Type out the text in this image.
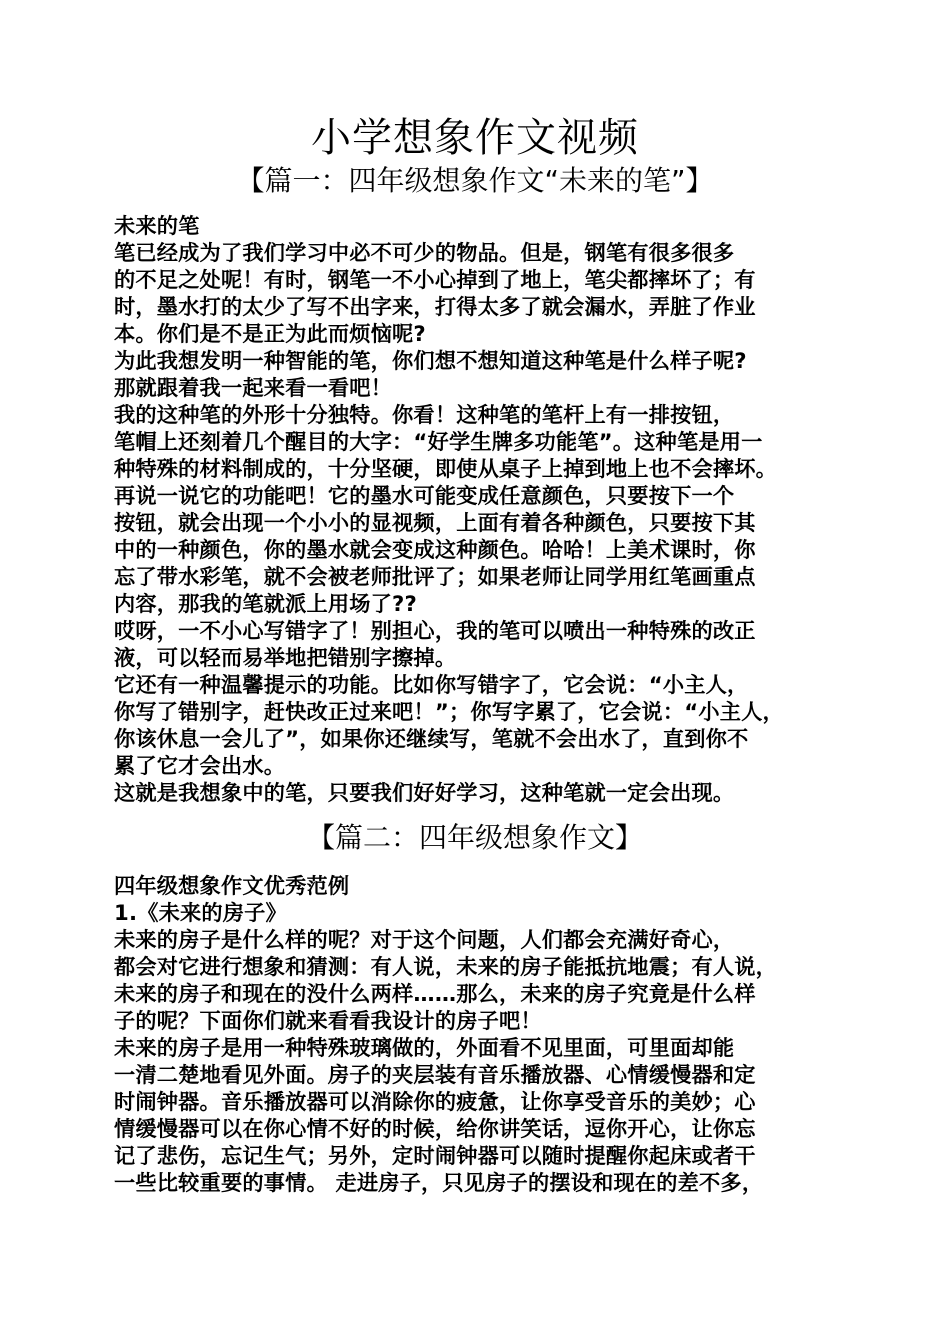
小学想象作文视频
【篇一：四年级想象作文“未来的笔”】
未来的笔
笔已经成为了我们学习中必不可少的物品。但是，钢笔有很多很多
的不足之处呢！有时，钢笔一不小心掉到了地上，笔尖都摔坏了；有
时，墨水打的太少了写不出字来，打得太多了就会漏水，弄脏了作业
本。你们是不是正为此而烦恼呢?
为此我想发明一种智能的笔，你们想不想知道这种笔是什么样子呢?
那就跟着我一起来看一看吧！
我的这种笔的外形十分独特。你看！这种笔的笔杆上有一排按钮，
笔帽上还刻着几个醒目的大字：“好学生牌多功能笔”。这种笔是用一
种特殊的材料制成的，十分坚硬，即使从桌子上掉到地上也不会摔坏。
再说一说它的功能吧！它的墨水可能变成任意颜色，只要按下一个
按钮，就会出现一个小小的显视频，上面有着各种颜色，只要按下其
中的一种颜色，你的墨水就会变成这种颜色。哈哈！上美术课时，你
忘了带水彩笔，就不会被老师批评了；如果老师让同学用红笔画重点
内容，那我的笔就派上用场了??
哎呀，一不小心写错字了！别担心，我的笔可以喷出一种特殊的改正
液，可以轻而易举地把错别字擦掉。
它还有一种温馨提示的功能。比如你写错字了，它会说：“小主人，
你写了错别字，赶快改正过来吧！”；你写字累了，它会说：“小主人，
你该休息一会儿了”，如果你还继续写，笔就不会出水了，直到你不
累了它才会出水。
这就是我想象中的笔，只要我们好好学习，这种笔就一定会出现。
【篇二：四年级想象作文】
四年级想象作文优秀范例
1.《未来的房子》
未来的房子是什么样的呢？对于这个问题，人们都会充满好奇心，
都会对它进行想象和猜测：有人说，未来的房子能抵抗地震；有人说，
未来的房子和现在的没什么两样……那么，未来的房子究竟是什么样
子的呢？下面你们就来看看我设计的房子吧！
未来的房子是用一种特殊玻璃做的，外面看不见里面，可里面却能
一清二楚地看见外面。房子的夹层装有音乐播放器、心情缓慢器和定
时闹钟器。音乐播放器可以消除你的疲惫，让你享受音乐的美妙；心
情缓慢器可以在你心情不好的时候，给你讲笑话，逗你开心，让你忘
记了悲伤，忘记生气；另外，定时闹钟器可以随时提醒你起床或者干
一些比较重要的事情。 走进房子，只见房子的摆设和现在的差不多，
